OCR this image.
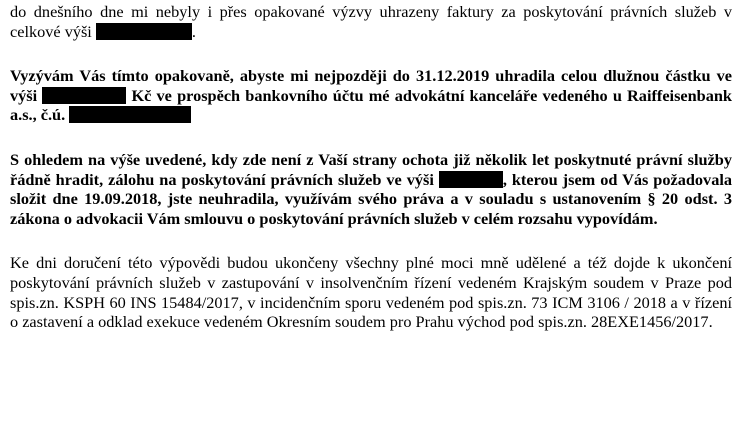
do dnešního dne mi nebyly i přes opakované výzvy uhrazeny faktury za poskytování právních služeb v celkové výši	.

Vyzývám Vás tímto opakovaně, abyste mi nejpozději do 31.12.2019 uhradila celou dlužnou částku ve výši	Kč ve prospěch bankovního účtu mé advokátní kanceláře vedeného u Raiffeisenbank a.s., č.ú.

S ohledem na výše uvedené, kdy zde není z Vaší strany ochota již několik let poskytnuté právní služby řádně hradit, zálohu na poskytování právních služeb ve výši	, kterou jsem od Vás požadovala složit dne 19.09.2018, jste neuhradila, využívám svého práva a v souladu s ustanovením § 20 odst. 3 zákona o advokacii Vám smlouvu o poskytování právních služeb v celém rozsahu vypovídám.

Ke dni doručení této výpovědi budou ukončeny všechny plné moci mně udělené a též dojde k ukončení poskytování právních služeb v zastupování v insolvenčním řízení vedeném Krajským soudem v Praze pod spis.zn. KSPH 60 INS 15484/2017, v incidenčním sporu vedeném pod spis.zn. 73 ICM 3106 / 2018 a v řízení o zastavení a odklad exekuce vedeném Okresním soudem pro Prahu východ pod spis.zn. 28EXE1456/2017.
